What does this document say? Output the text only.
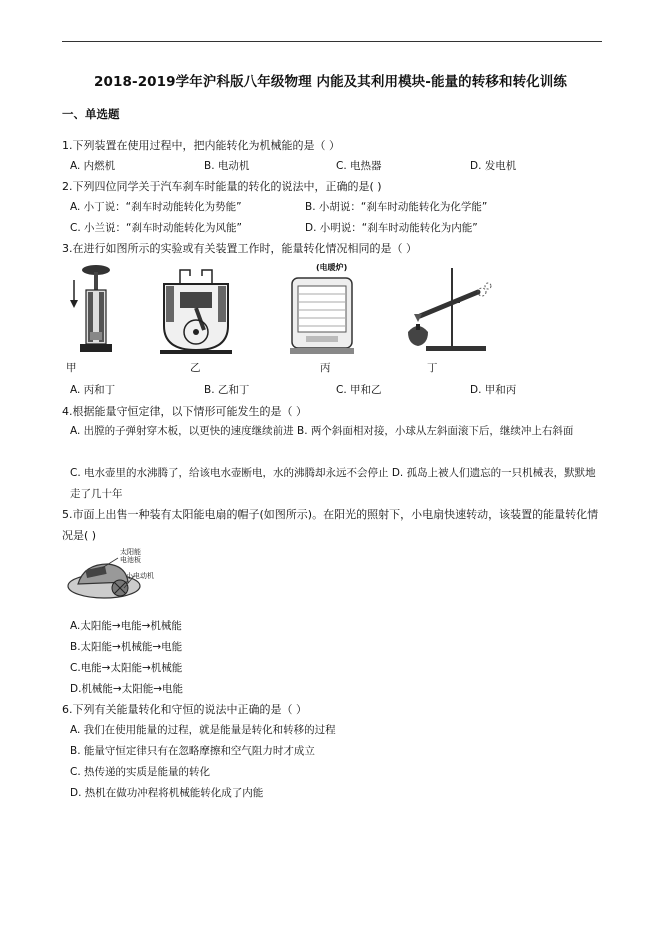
2018-2019学年沪科版八年级物理 内能及其利用模块-能量的转移和转化训练
一、单选题
1.下列装置在使用过程中，把内能转化为机械能的是（ ）
A. 内燃机	B. 电动机	C. 电热器	D. 发电机
2.下列四位同学关于汽车刹车时能量的转化的说法中，正确的是( )
A. 小丁说：“刹车时动能转化为势能”	B. 小胡说：“刹车时动能转化为化学能”
C. 小兰说：“刹车时动能转化为风能”	D. 小明说：“刹车时动能转化为内能”
3.在进行如图所示的实验或有关装置工作时，能量转化情况相同的是（ ）
甲	乙
(电暖炉)
丙	丁
A. 丙和丁	B. 乙和丁	C. 甲和乙	D. 甲和丙
4.根据能量守恒定律，以下情形可能发生的是（ ）
A. 出膛的子弹射穿木板，以更快的速度继续前进 B. 两个斜面相对接，小球从左斜面滚下后，继续冲上右斜面
C. 电水壶里的水沸腾了，给该电水壶断电，水的沸腾却永远不会停止 D. 孤岛上被人们遗忘的一只机械表，默默地走了几十年
5.市面上出售一种装有太阳能电扇的帽子(如图所示)。在阳光的照射下，小电扇快速转动，该装置的能量转化情况是( )
太阳能
电池板
小电动机
A.太阳能→电能→机械能
B.太阳能→机械能→电能
C.电能→太阳能→机械能
D.机械能→太阳能→电能
6.下列有关能量转化和守恒的说法中正确的是（ ）
A. 我们在使用能量的过程，就是能量是转化和转移的过程
B. 能量守恒定律只有在忽略摩擦和空气阻力时才成立
C. 热传递的实质是能量的转化
D. 热机在做功冲程将机械能转化成了内能
